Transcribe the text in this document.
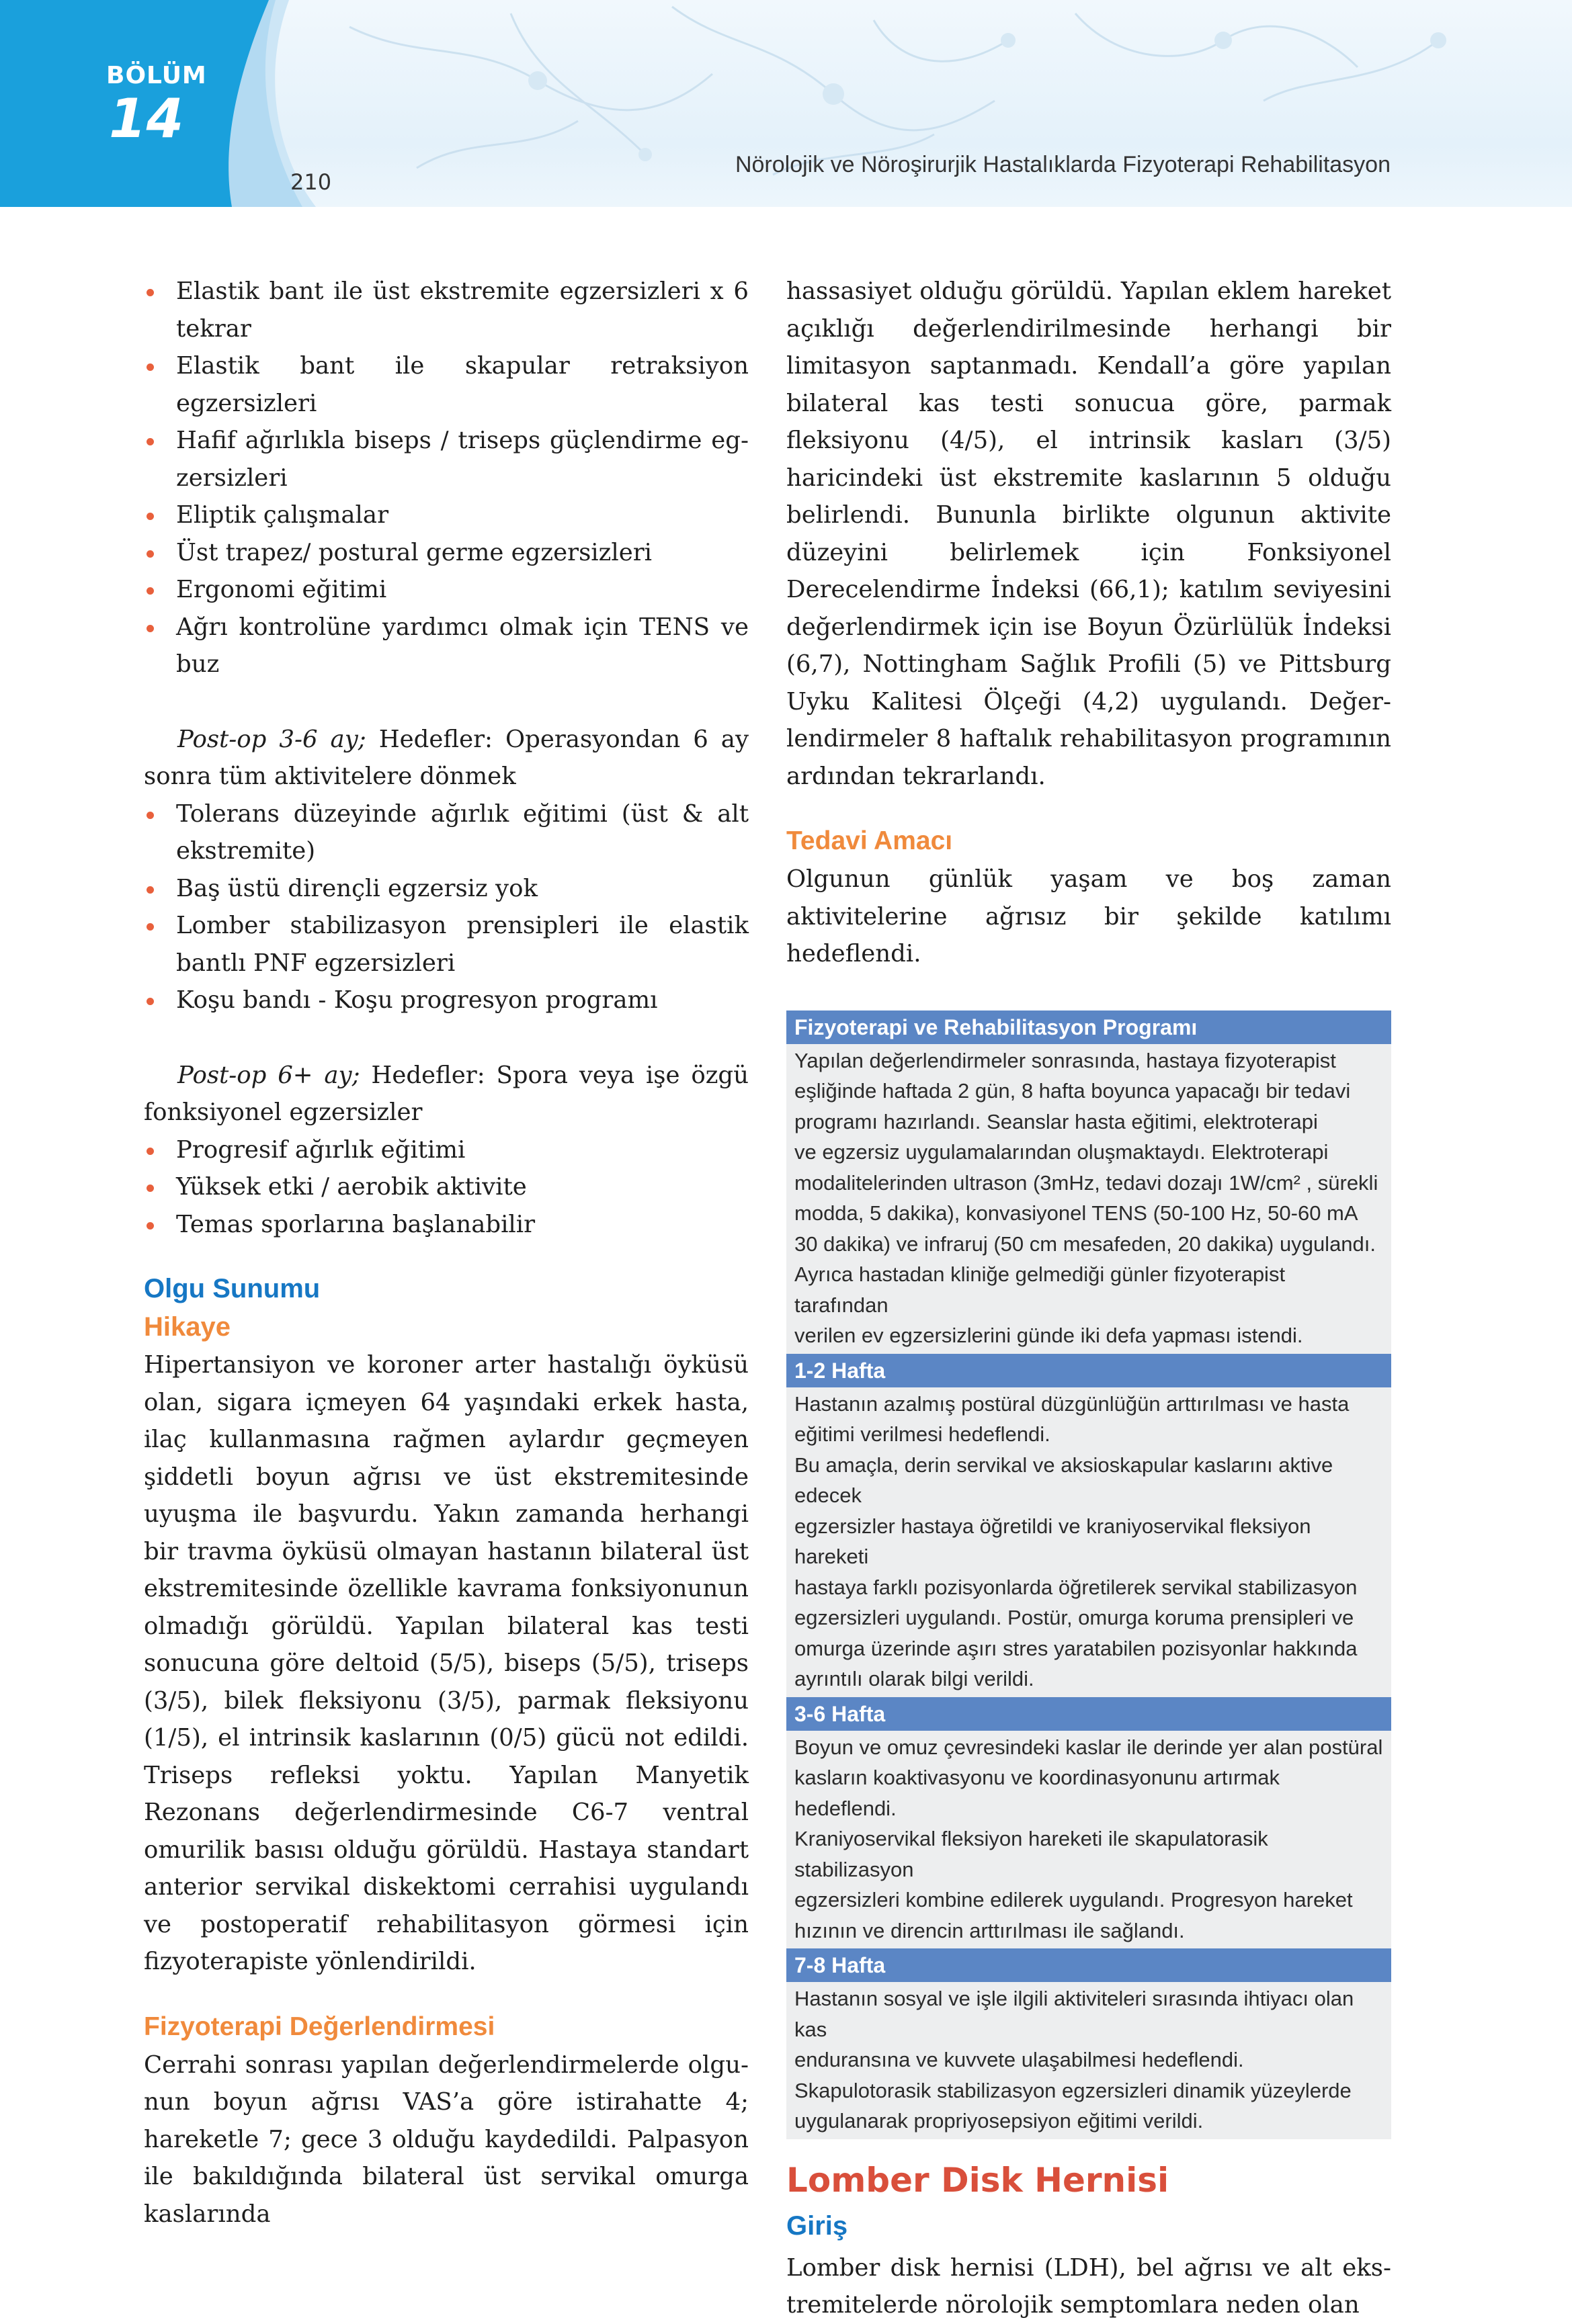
BÖLÜM
14
210
Nörolojik ve Nöroşirurjik Hastalıklarda Fizyoterapi Rehabilitasyon
Elastik bant ile üst ekstremite egzersizleri x 6 tekrar
Elastik bant ile skapular retraksiyon egzersizleri
Hafif ağırlıkla biseps / triseps güçlendirme egzersizleri
Eliptik çalışmalar
Üst trapez/ postural germe egzersizleri
Ergonomi eğitimi
Ağrı kontrolüne yardımcı olmak için TENS ve buz

Post-op 3-6 ay; Hedefler: Operasyondan 6 ay sonra tüm aktivitelere dönmek

Tolerans düzeyinde ağırlık eğitimi (üst & alt ekstremite)
Baş üstü dirençli egzersiz yok
Lomber stabilizasyon prensipleri ile elastik bantlı PNF egzersizleri
Koşu bandı - Koşu progresyon programı

Post-op 6+ ay; Hedefler: Spora veya işe özgü fonksiyonel egzersizler

Progresif ağırlık eğitimi
Yüksek etki / aerobik aktivite
Temas sporlarına başlanabilir
Olgu Sunumu
Hikaye

Hipertansiyon ve koroner arter hastalığı öyküsü olan, sigara içmeyen 64 yaşındaki erkek hasta, ilaç kullanmasına rağmen aylardır geçmeyen şiddetli boyun ağrısı ve üst ekstremitesinde uyuşma ile başvurdu. Yakın zamanda herhangi bir travma öyküsü olmayan hastanın bilateral üst ekstremitesinde özellikle kavrama fonksiyonunun olmadığı görüldü. Yapılan bilateral kas testi sonucuna göre deltoid (5/5), biseps (5/5), triseps (3/5), bilek fleksiyonu (3/5), parmak fleksiyonu (1/5), el intrinsik kaslarının (0/5) gücü not edildi. Triseps refleksi yoktu. Yapılan Manyetik Rezonans değerlendirmesinde C6-7 ventral omurilik basısı olduğu görüldü. Hastaya standart anterior servikal diskektomi cerrahisi uygulandı ve postoperatif rehabilitasyon görmesi için fizyoterapiste yönlendirildi.

Fizyoterapi Değerlendirmesi

Cerrahi sonrası yapılan değerlendirmelerde olgunun boyun ağrısı VAS’a göre istirahatte 4; hareketle 7; gece 3 olduğu kaydedildi. Palpasyon ile bakıldığında bilateral üst servikal omurga kaslarında

hassasiyet olduğu görüldü. Yapılan eklem hareket açıklığı değerlendirilmesinde herhangi bir limitasyon saptanmadı. Kendall’a göre yapılan bilateral kas testi sonucua göre, parmak fleksiyonu (4/5), el intrinsik kasları (3/5) haricindeki üst ekstremite kaslarının 5 olduğu belirlendi. Bununla birlikte olgunun aktivite düzeyini belirlemek için Fonksiyonel Derecelendirme İndeksi (66,1); katılım seviyesini değerlendirmek için ise Boyun Özürlülük İndeksi (6,7), Nottingham Sağlık Profili (5) ve Pittsburg Uyku Kalitesi Ölçeği (4,2) uygulandı. Değerlendirmeler 8 haftalık rehabilitasyon programının ardından tekrarlandı.

Tedavi Amacı

Olgunun günlük yaşam ve boş zaman aktivitelerine ağrısız bir şekilde katılımı hedeflendi.

Fizyoterapi ve Rehabilitasyon Programı
Yapılan değerlendirmeler sonrasında, hastaya fizyoterapist
eşliğinde haftada 2 gün, 8 hafta boyunca yapacağı bir tedavi
programı hazırlandı. Seanslar hasta eğitimi, elektroterapi
ve egzersiz uygulamalarından oluşmaktaydı. Elektroterapi
modalitelerinden ultrason (3mHz, tedavi dozajı 1W/cm² , sürekli
modda, 5 dakika), konvasiyonel TENS (50-100 Hz, 50-60 mA
30 dakika) ve infraruj (50 cm mesafeden, 20 dakika) uygulandı.
Ayrıca hastadan kliniğe gelmediği günler fizyoterapist tarafından
verilen ev egzersizlerini günde iki defa yapması istendi.
1-2 Hafta
Hastanın azalmış postüral düzgünlüğün arttırılması ve hasta
eğitimi verilmesi hedeflendi.
Bu amaçla, derin servikal ve aksioskapular kaslarını aktive edecek
egzersizler hastaya öğretildi ve kraniyoservikal fleksiyon hareketi
hastaya farklı pozisyonlarda öğretilerek servikal stabilizasyon
egzersizleri uygulandı. Postür, omurga koruma prensipleri ve
omurga üzerinde aşırı stres yaratabilen pozisyonlar hakkında
ayrıntılı olarak bilgi verildi.
3-6 Hafta
Boyun ve omuz çevresindeki kaslar ile derinde yer alan postüral
kasların koaktivasyonu ve koordinasyonunu artırmak hedeflendi.
Kraniyoservikal fleksiyon hareketi ile skapulatorasik stabilizasyon
egzersizleri kombine edilerek uygulandı. Progresyon hareket
hızının ve direncin arttırılması ile sağlandı.
7-8 Hafta
Hastanın sosyal ve işle ilgili aktiviteleri sırasında ihtiyacı olan kas
enduransına ve kuvvete ulaşabilmesi hedeflendi.
Skapulotorasik stabilizasyon egzersizleri dinamik yüzeylerde
uygulanarak propriyosepsiyon eğitimi verildi.
Lomber Disk Hernisi
Giriş

Lomber disk hernisi (LDH), bel ağrısı ve alt ekstremitelerde nörolojik semptomlara neden olan
